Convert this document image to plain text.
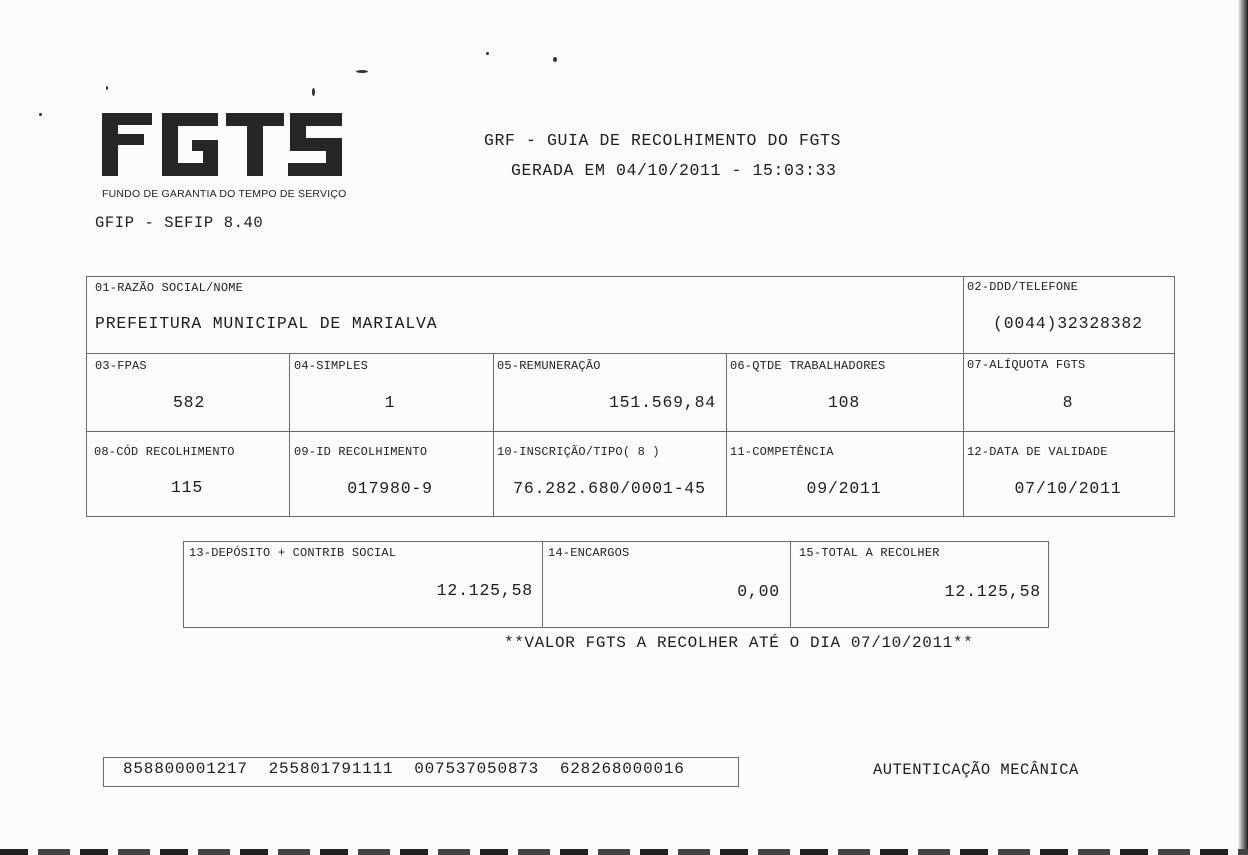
FUNDO DE GARANTIA DO TEMPO DE SERVIÇO
GRF - GUIA DE RECOLHIMENTO DO FGTS
GERADA EM 04/10/2011 - 15:03:33
GFIP - SEFIP 8.40
01-RAZÃO SOCIAL/NOME
PREFEITURA MUNICIPAL DE MARIALVA
02-DDD/TELEFONE
(0044)32328382
03-FPAS
582
04-SIMPLES
1
05-REMUNERAÇÃO
151.569,84
06-QTDE TRABALHADORES
108
07-ALÍQUOTA FGTS
8
08-CÓD RECOLHIMENTO
115
09-ID RECOLHIMENTO
017980-9
10-INSCRIÇÃO/TIPO( 8 )
76.282.680/0001-45
11-COMPETÊNCIA
09/2011
12-DATA DE VALIDADE
07/10/2011
13-DEPÓSITO + CONTRIB SOCIAL
12.125,58
14-ENCARGOS
0,00
15-TOTAL A RECOLHER
12.125,58
**VALOR FGTS A RECOLHER ATÉ O DIA 07/10/2011**
858800001217  255801791111  007537050873  628268000016	AUTENTICAÇÃO MECÂNICA
